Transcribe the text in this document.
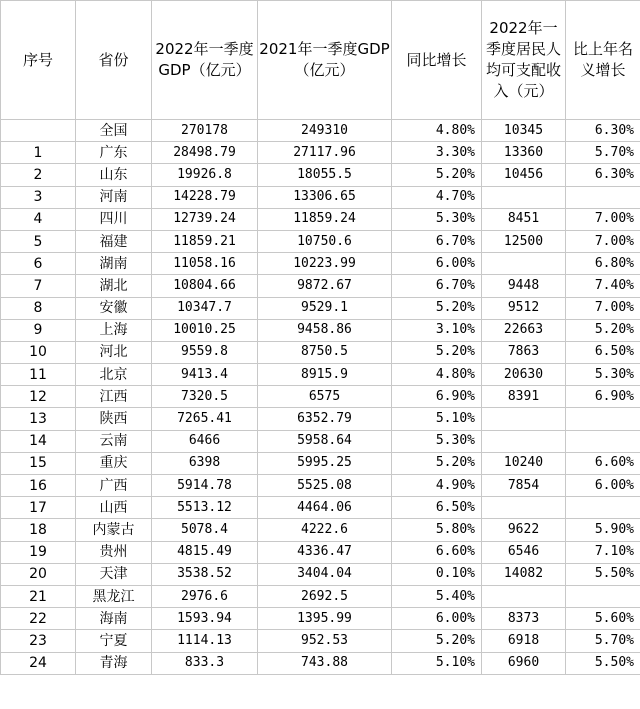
序号	省份	2022年一季度GDP（亿元）	2021年一季度GDP（亿元）	同比增长	2022年一季度居民人均可支配收入（元）	比上年名义增长
	全国	270178	249310	4.80%	10345	6.30%
1	广东	28498.79	27117.96	3.30%	13360	5.70%
2	山东	19926.8	18055.5	5.20%	10456	6.30%
3	河南	14228.79	13306.65	4.70%		
4	四川	12739.24	11859.24	5.30%	8451	7.00%
5	福建	11859.21	10750.6	6.70%	12500	7.00%
6	湖南	11058.16	10223.99	6.00%		6.80%
7	湖北	10804.66	9872.67	6.70%	9448	7.40%
8	安徽	10347.7	9529.1	5.20%	9512	7.00%
9	上海	10010.25	9458.86	3.10%	22663	5.20%
10	河北	9559.8	8750.5	5.20%	7863	6.50%
11	北京	9413.4	8915.9	4.80%	20630	5.30%
12	江西	7320.5	6575	6.90%	8391	6.90%
13	陕西	7265.41	6352.79	5.10%		
14	云南	6466	5958.64	5.30%		
15	重庆	6398	5995.25	5.20%	10240	6.60%
16	广西	5914.78	5525.08	4.90%	7854	6.00%
17	山西	5513.12	4464.06	6.50%		
18	内蒙古	5078.4	4222.6	5.80%	9622	5.90%
19	贵州	4815.49	4336.47	6.60%	6546	7.10%
20	天津	3538.52	3404.04	0.10%	14082	5.50%
21	黑龙江	2976.6	2692.5	5.40%		
22	海南	1593.94	1395.99	6.00%	8373	5.60%
23	宁夏	1114.13	952.53	5.20%	6918	5.70%
24	青海	833.3	743.88	5.10%	6960	5.50%
